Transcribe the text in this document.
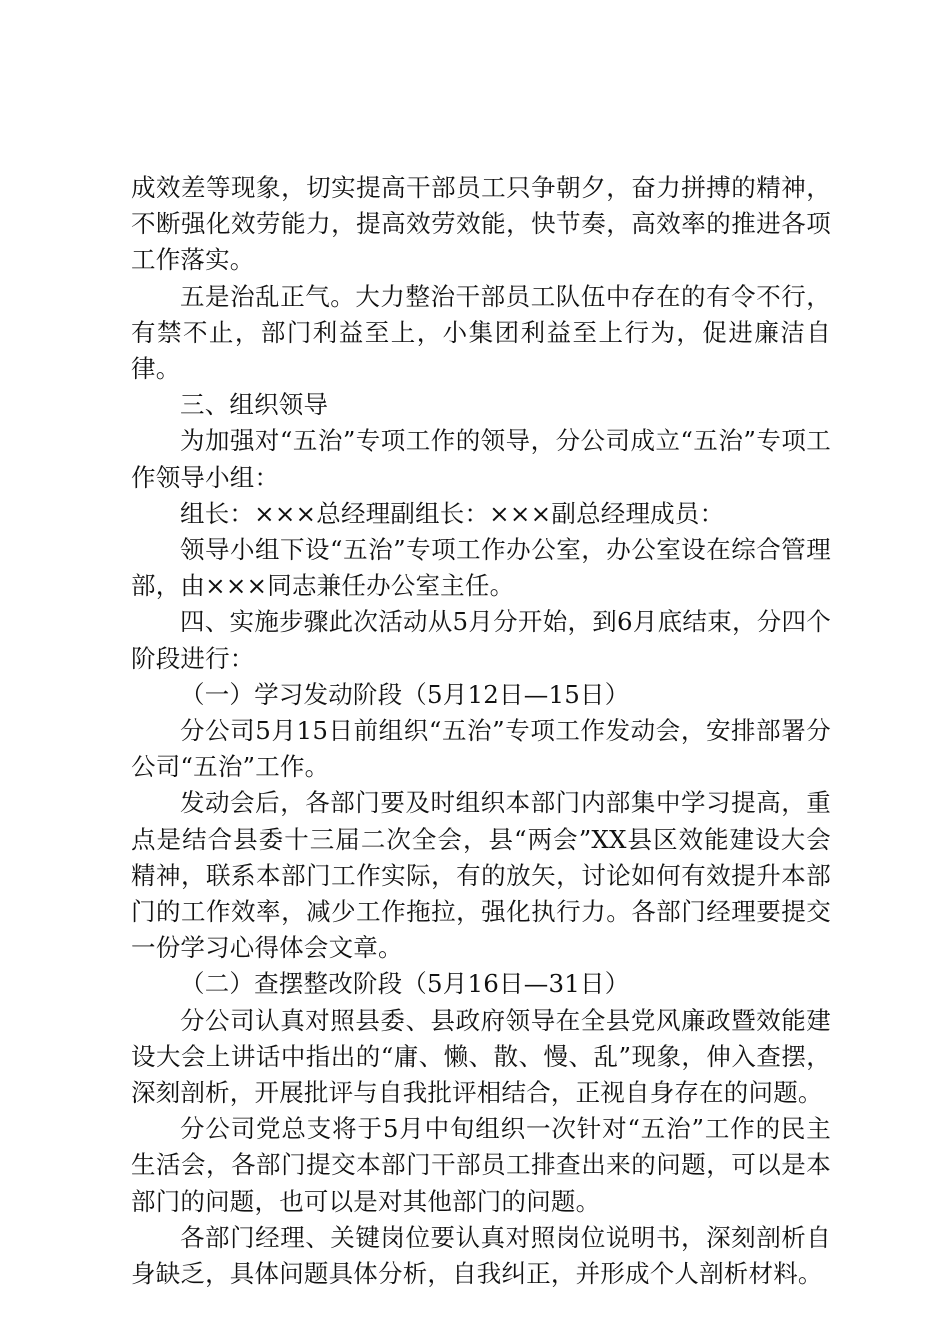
成效差等现象，切实提高干部员工只争朝夕，奋力拼搏的精神，不断强化效劳能力，提高效劳效能，快节奏，高效率的推进各项工作落实。

五是治乱正气。大力整治干部员工队伍中存在的有令不行，有禁不止，部门利益至上，小集团利益至上行为，促进廉洁自律。

三、组织领导

为加强对“五治”专项工作的领导，分公司成立“五治”专项工作领导小组：

组长：×××总经理副组长：×××副总经理成员：

领导小组下设“五治”专项工作办公室，办公室设在综合管理部，由×××同志兼任办公室主任。

四、实施步骤此次活动从5月分开始，到6月底结束，分四个阶段进行：

（一）学习发动阶段（5月12日—15日）

分公司5月15日前组织“五治”专项工作发动会，安排部署分公司“五治”工作。

发动会后，各部门要及时组织本部门内部集中学习提高，重点是结合县委十三届二次全会，县“两会”XX县区效能建设大会精神，联系本部门工作实际，有的放矢，讨论如何有效提升本部门的工作效率，减少工作拖拉，强化执行力。各部门经理要提交一份学习心得体会文章。

（二）查摆整改阶段（5月16日—31日）

分公司认真对照县委、县政府领导在全县党风廉政暨效能建设大会上讲话中指出的“庸、懒、散、慢、乱”现象，伸入查摆，深刻剖析，开展批评与自我批评相结合，正视自身存在的问题。

分公司党总支将于5月中旬组织一次针对“五治”工作的民主生活会，各部门提交本部门干部员工排查出来的问题，可以是本部门的问题，也可以是对其他部门的问题。

各部门经理、关键岗位要认真对照岗位说明书，深刻剖析自身缺乏，具体问题具体分析，自我纠正，并形成个人剖析材料。
